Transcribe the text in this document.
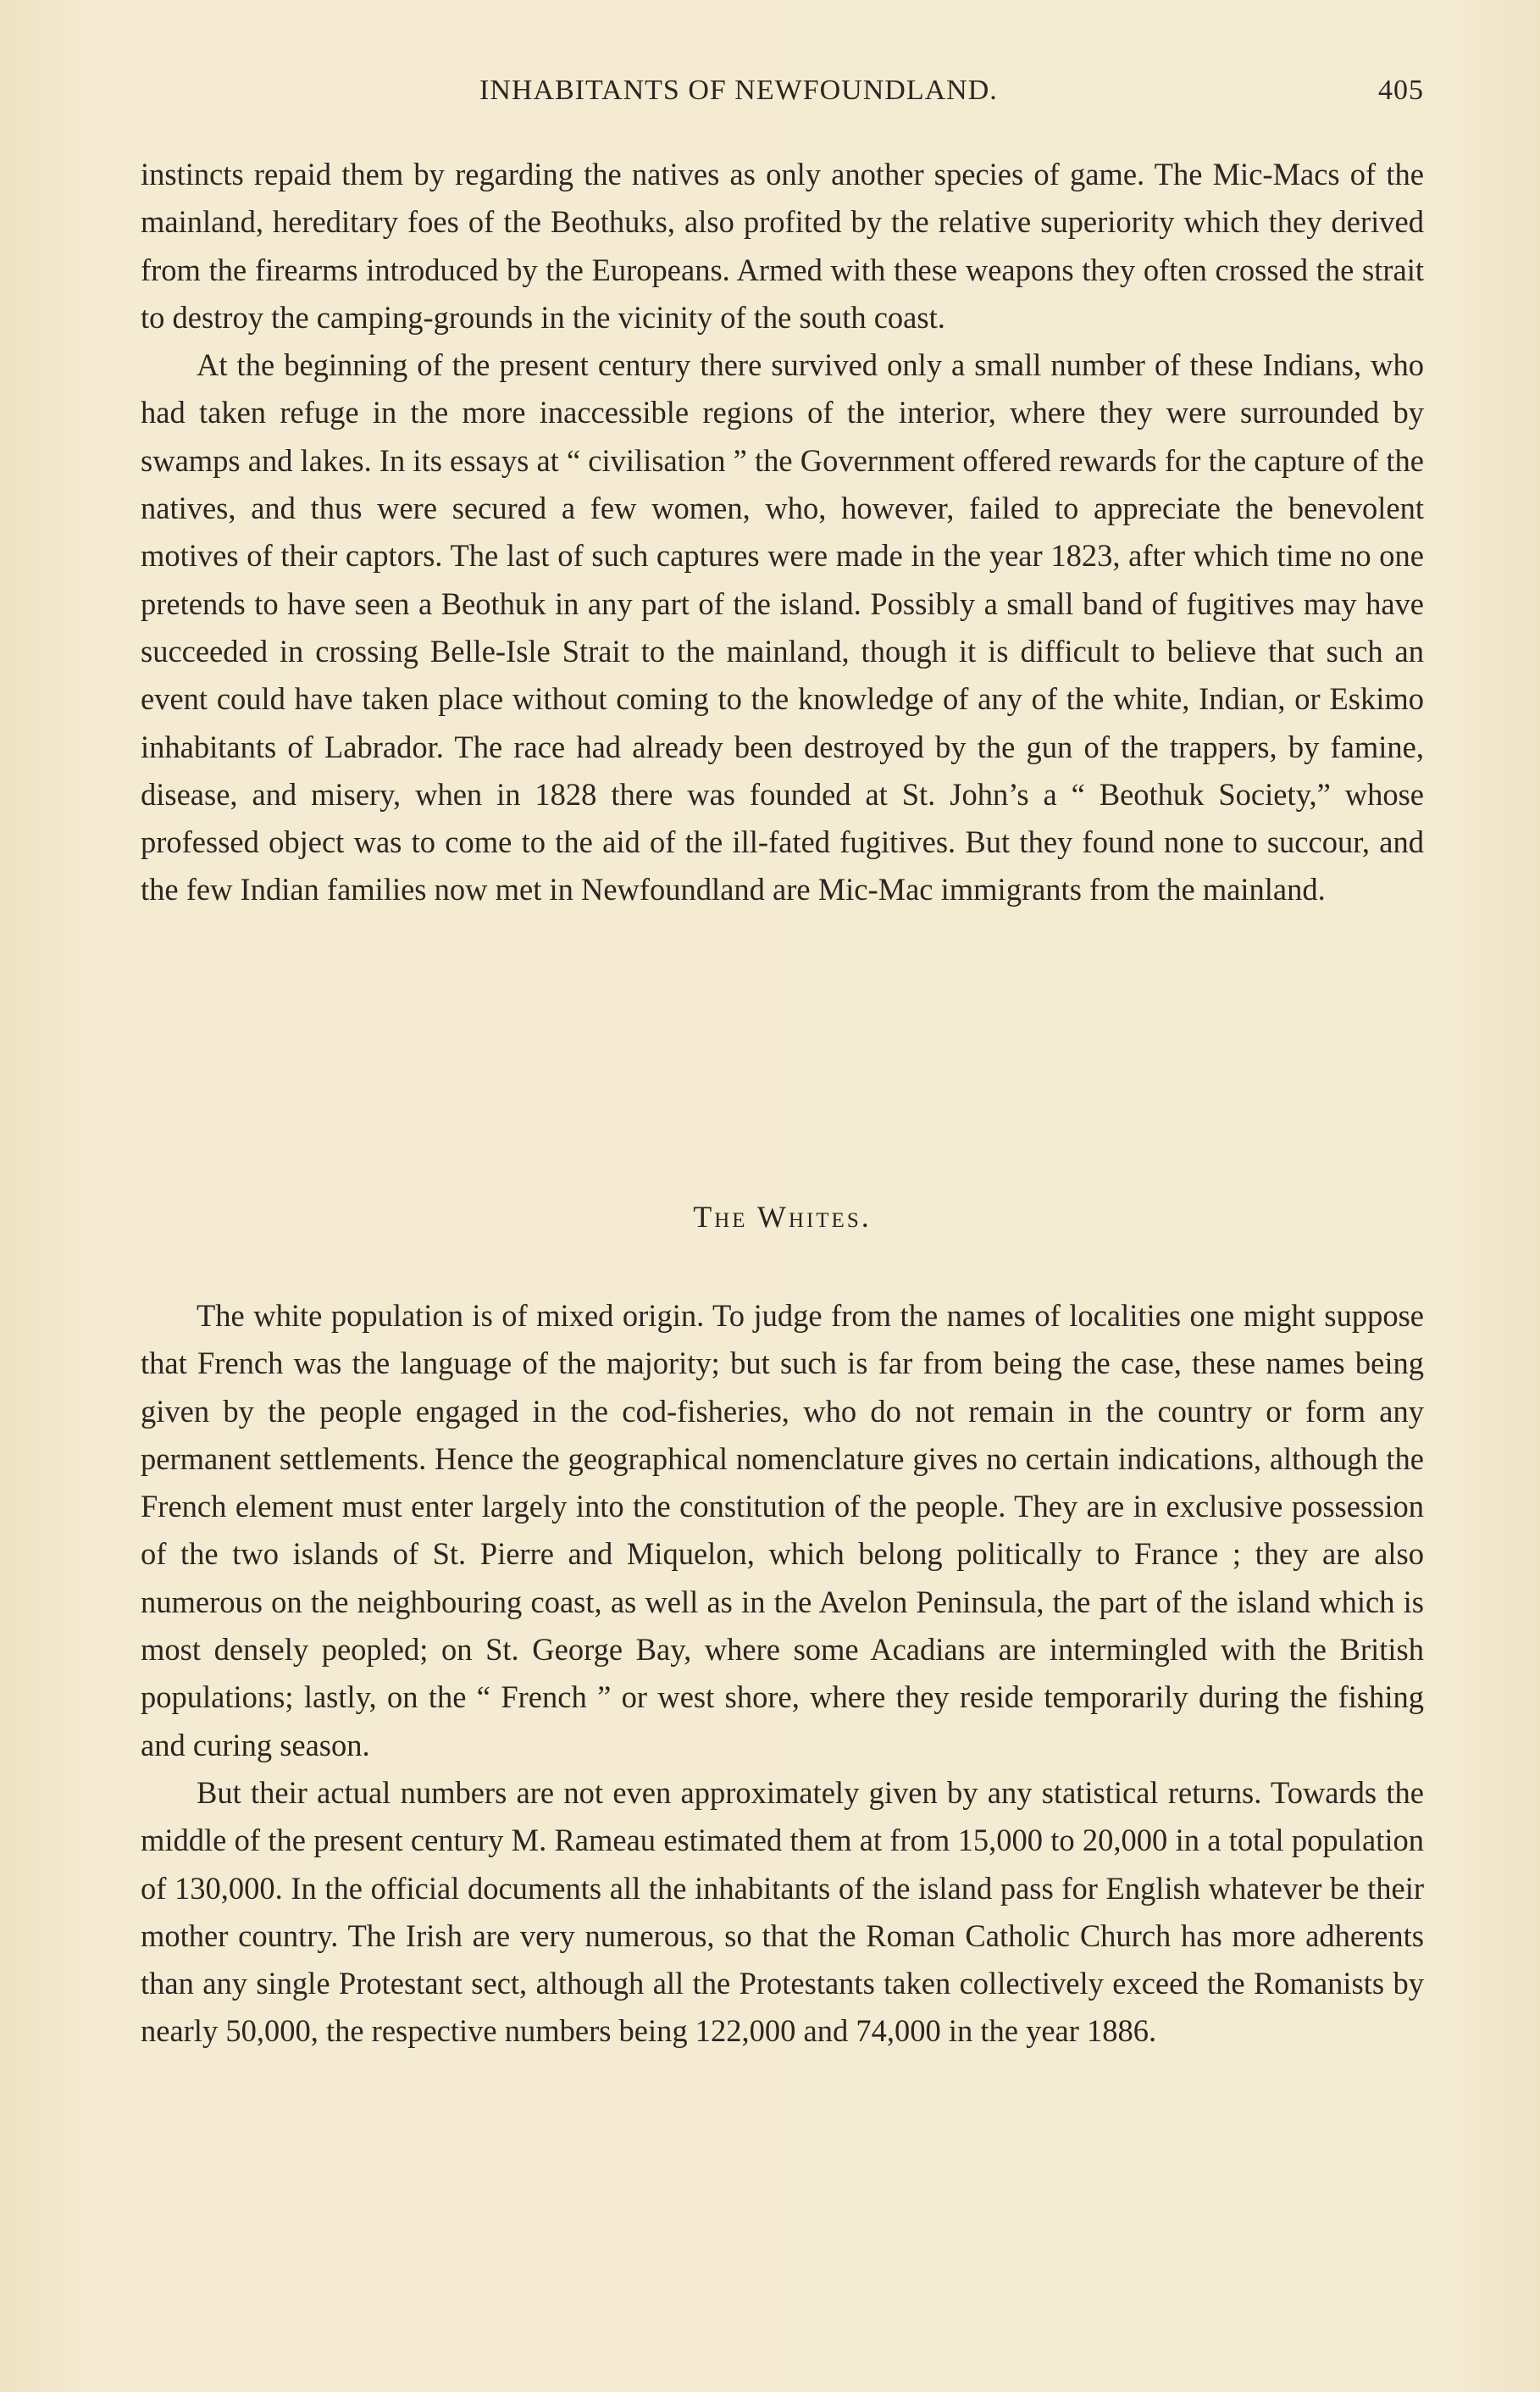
INHABITANTS OF NEWFOUNDLAND.	405

instincts repaid them by regarding the natives as only another species of game. The Mic-Macs of the mainland, hereditary foes of the Beothuks, also profited by the relative superiority which they derived from the firearms introduced by the Europeans. Armed with these weapons they often crossed the strait to destroy the camping-grounds in the vicinity of the south coast.

At the beginning of the present century there survived only a small number of these Indians, who had taken refuge in the more inaccessible regions of the interior, where they were surrounded by swamps and lakes. In its essays at “ civilisation ” the Government offered rewards for the capture of the natives, and thus were secured a few women, who, however, failed to appreciate the benevolent motives of their captors. The last of such captures were made in the year 1823, after which time no one pretends to have seen a Beothuk in any part of the island. Possibly a small band of fugitives may have succeeded in crossing Belle-Isle Strait to the mainland, though it is difficult to believe that such an event could have taken place without coming to the knowledge of any of the white, Indian, or Eskimo inhabitants of Labrador. The race had already been destroyed by the gun of the trappers, by famine, disease, and misery, when in 1828 there was founded at St. John’s a “ Beothuk Society,” whose professed object was to come to the aid of the ill-fated fugitives. But they found none to succour, and the few Indian families now met in Newfoundland are Mic-Mac immigrants from the mainland.

The Whites.

The white population is of mixed origin. To judge from the names of localities one might suppose that French was the language of the majority; but such is far from being the case, these names being given by the people engaged in the cod-fisheries, who do not remain in the country or form any permanent settlements. Hence the geographical nomenclature gives no certain indications, although the French element must enter largely into the constitution of the people. They are in exclusive possession of the two islands of St. Pierre and Miquelon, which belong politically to France ; they are also numerous on the neighbouring coast, as well as in the Avelon Peninsula, the part of the island which is most densely peopled; on St. George Bay, where some Acadians are intermingled with the British populations; lastly, on the “ French ” or west shore, where they reside temporarily during the fishing and curing season.

But their actual numbers are not even approximately given by any statistical returns. Towards the middle of the present century M. Rameau estimated them at from 15,000 to 20,000 in a total population of 130,000. In the official documents all the inhabitants of the island pass for English whatever be their mother country. The Irish are very numerous, so that the Roman Catholic Church has more adherents than any single Protestant sect, although all the Protestants taken collectively exceed the Romanists by nearly 50,000, the respective numbers being 122,000 and 74,000 in the year 1886.
